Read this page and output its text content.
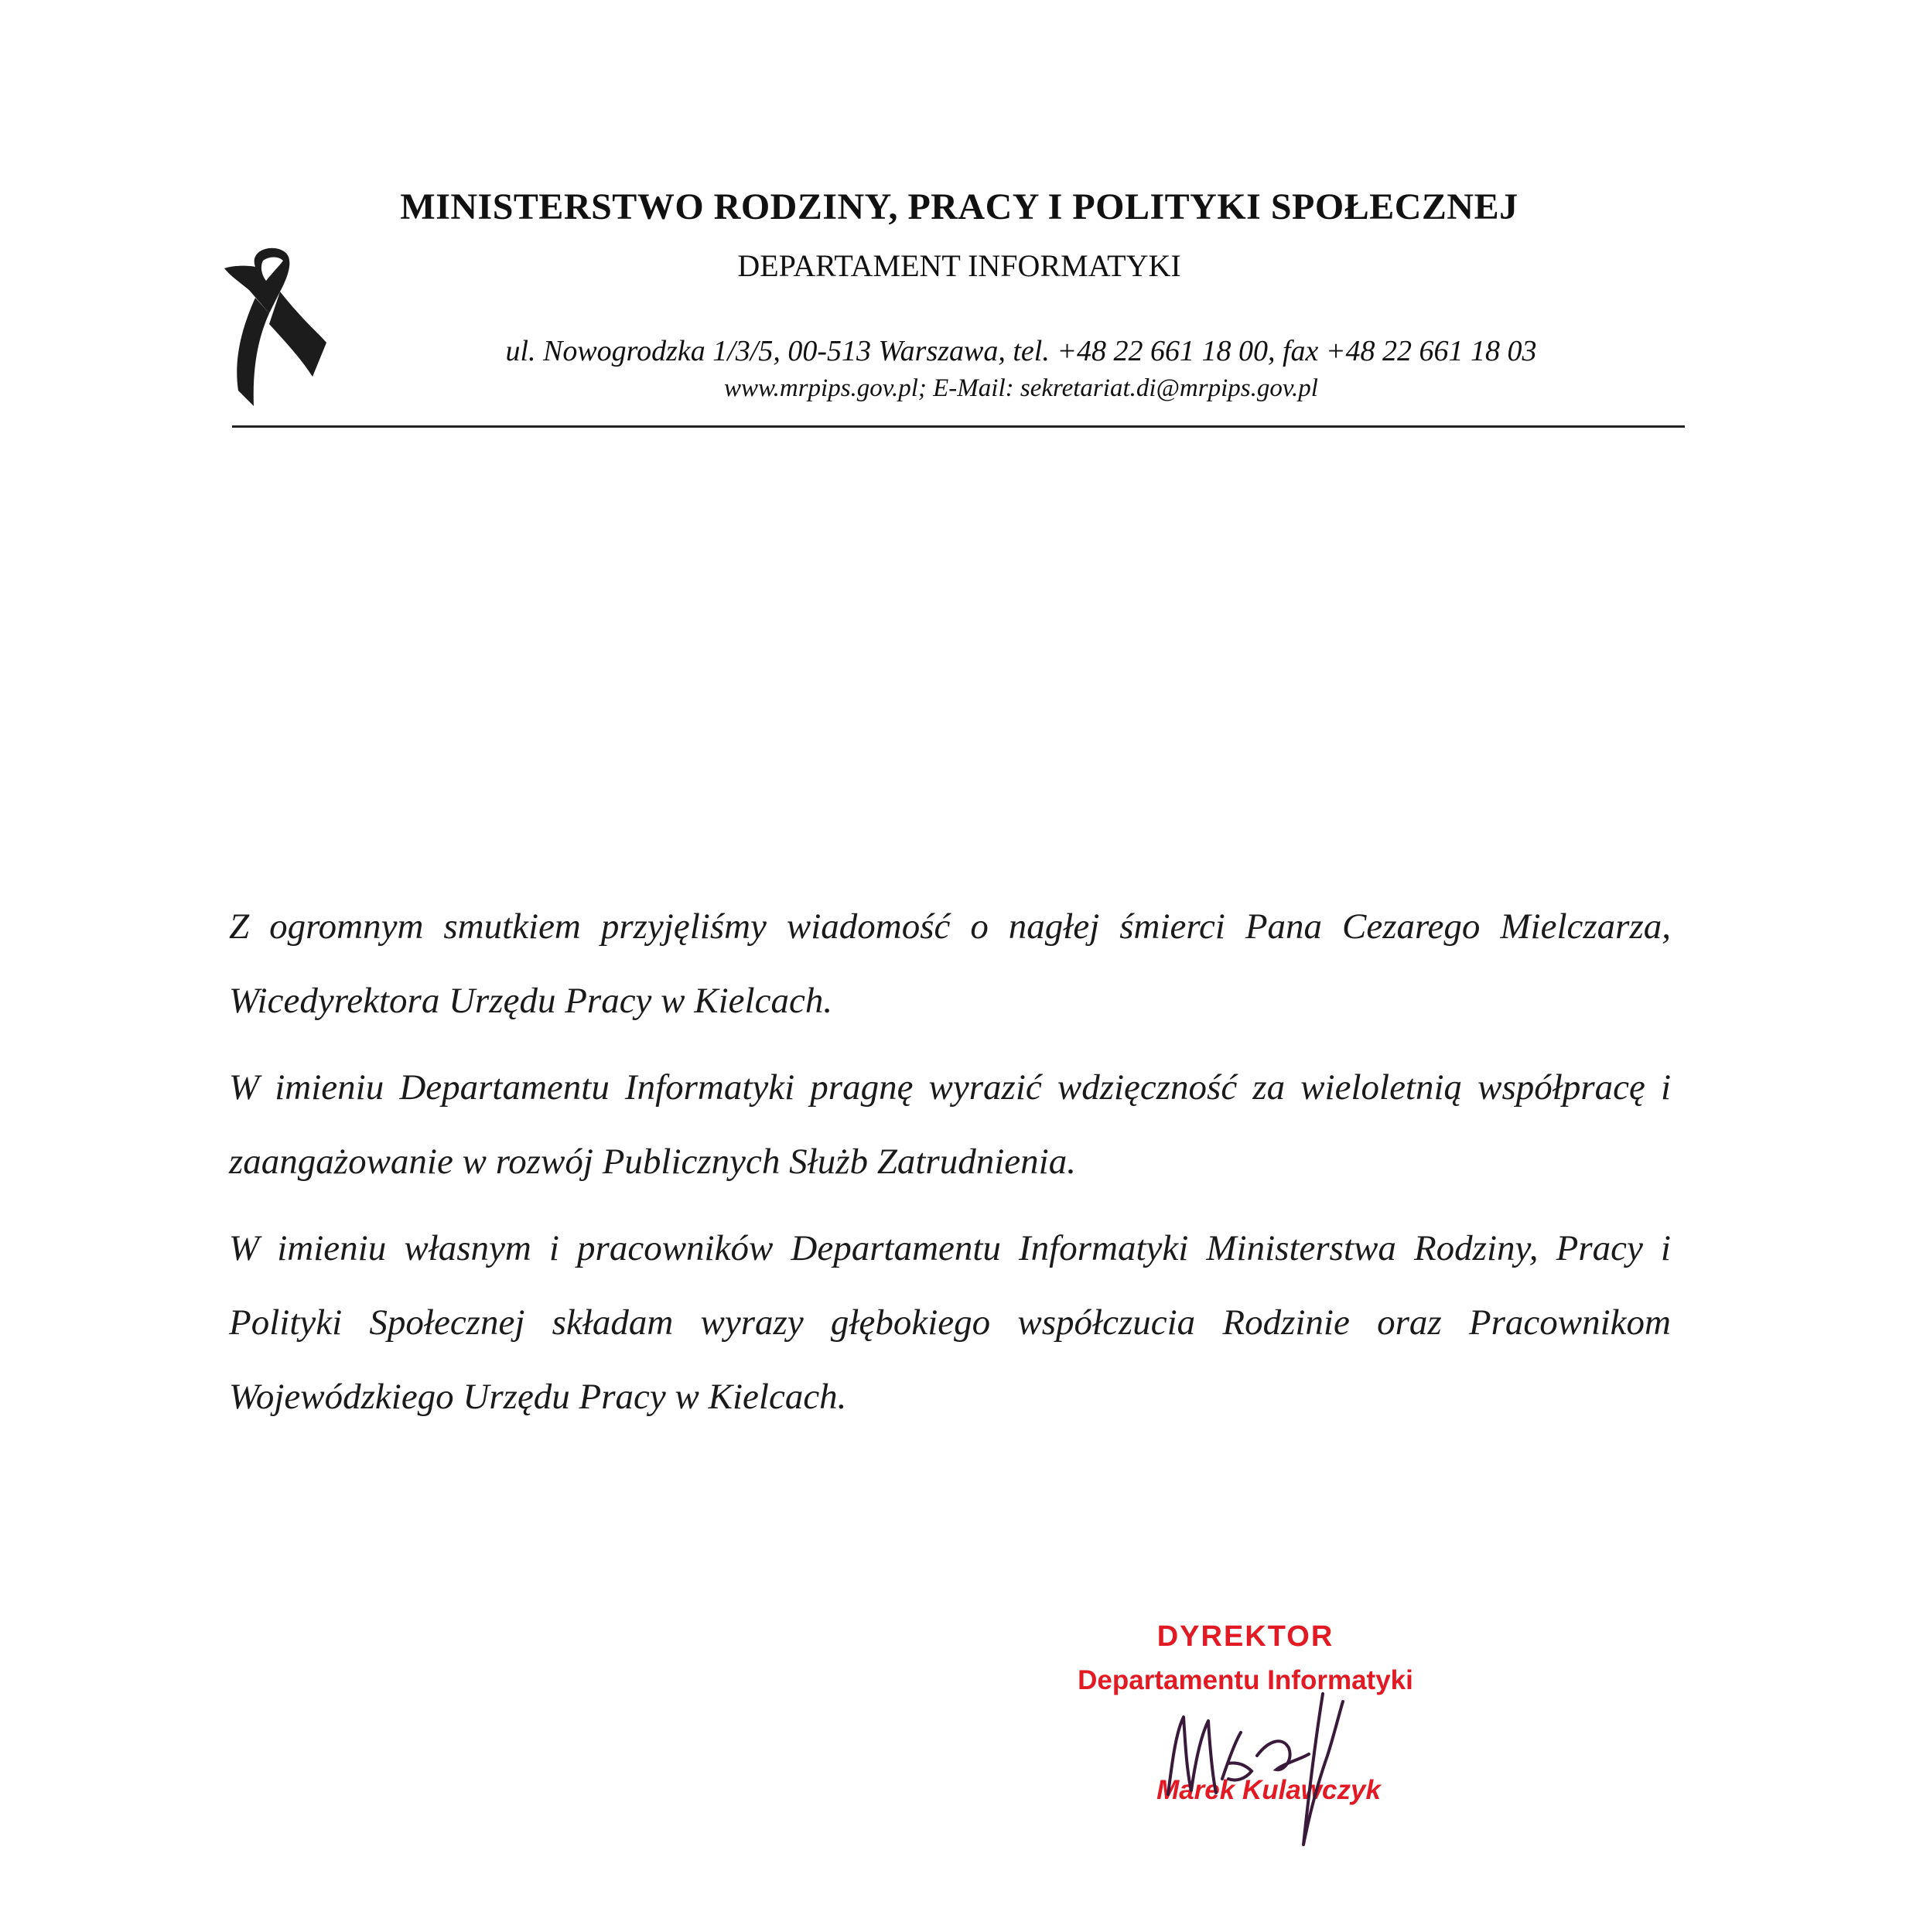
MINISTERSTWO RODZINY, PRACY I POLITYKI SPOŁECZNEJ
DEPARTAMENT INFORMATYKI
ul. Nowogrodzka 1/3/5, 00-513 Warszawa, tel. +48 22 661 18 00, fax +48 22 661 18 03
www.mrpips.gov.pl; E-Mail: sekretariat.di@mrpips.gov.pl

Z ogromnym smutkiem przyjęliśmy wiadomość o nagłej śmierci Pana Cezarego Mielczarza, Wicedyrektora Urzędu Pracy w Kielcach.

W imieniu Departamentu Informatyki pragnę wyrazić wdzięczność za wieloletnią współpracę i zaangażowanie w rozwój Publicznych Służb Zatrudnienia.

W imieniu własnym i pracowników Departamentu Informatyki Ministerstwa Rodziny, Pracy i Polityki Społecznej składam wyrazy głębokiego współczucia Rodzinie oraz Pracownikom Wojewódzkiego Urzędu Pracy w Kielcach.

DYREKTOR
Departamentu Informatyki
Marek Kulawczyk
